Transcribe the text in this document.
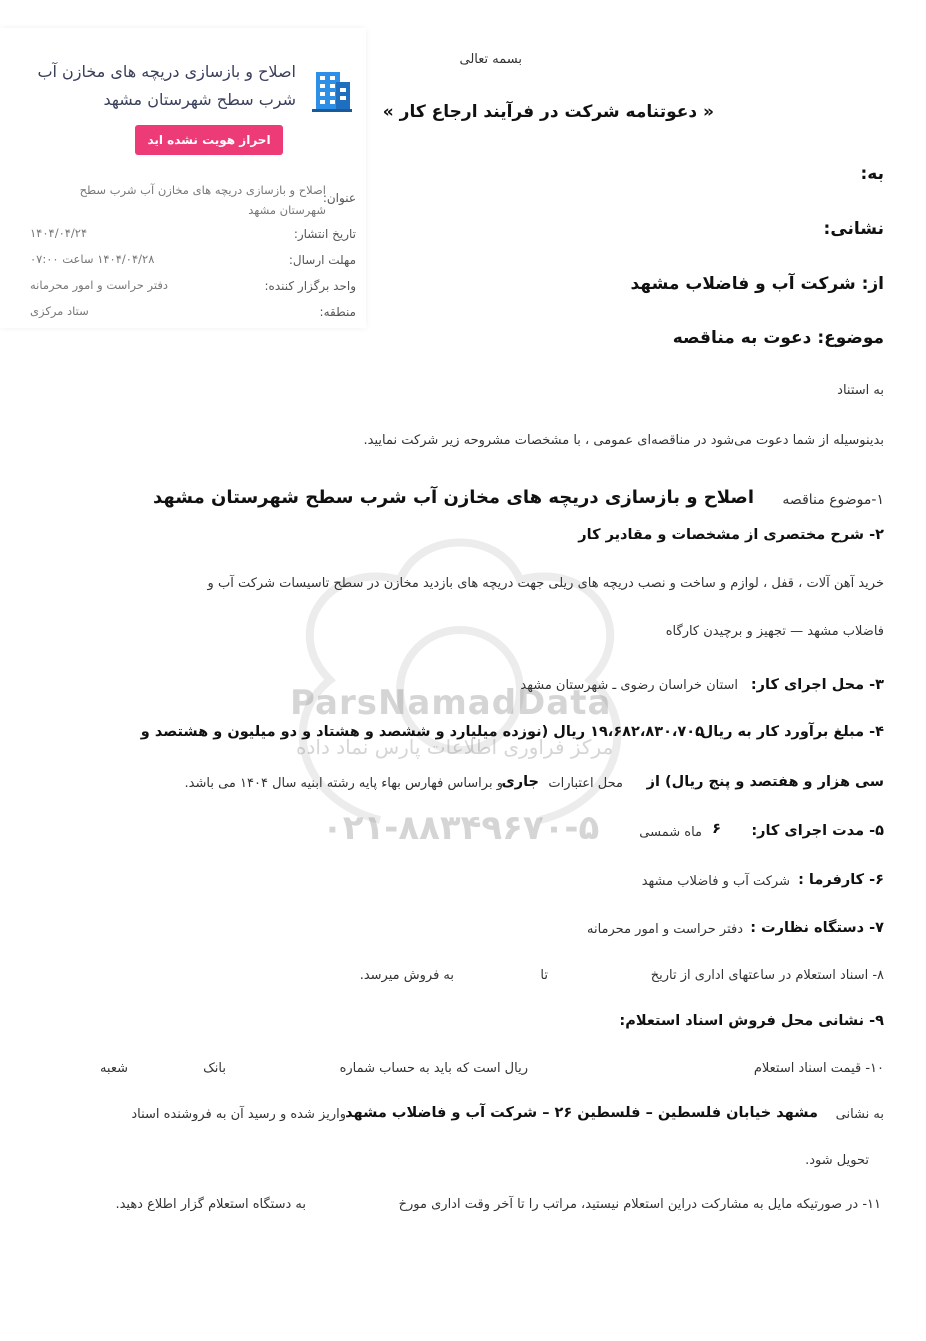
ParsNamadData
مرکز فراوری اطلاعات پارس نماد داده
۰۲۱-۸۸۳۴۹۶۷۰-۵
اصلاح و بازسازی دریچه های مخازن آب شرب سطح شهرستان مشهد
احراز هویت نشده اید
عنوان:
اصلاح و بازسازی دریچه های مخازن آب شرب سطح شهرستان مشهد
تاریخ انتشار:
۱۴۰۴/۰۴/۲۴
مهلت ارسال:
۱۴۰۴/۰۴/۲۸ ساعت ۰۷:۰۰
واحد برگزار کننده:
دفتر حراست و امور محرمانه
منطقه:
ستاد مرکزی
بسمه تعالی
« دعوتنامه شرکت در فرآیند ارجاع کار »
به:
نشانی:
از: شرکت آب و فاضلاب مشهد
موضوع: دعوت به مناقصه
به استناد
بدینوسیله از شما دعوت می‌شود در مناقصه‌ای عمومی ، با مشخصات مشروحه زیر شرکت نمایید.
۱-موضوع مناقصه
اصلاح و بازسازی دریچه های مخازن آب شرب سطح شهرستان مشهد
۲- شرح مختصری از مشخصات و مقادیر کار
خرید آهن آلات ، قفل ، لوازم و ساخت و نصب دریچه های ریلی جهت دریچه های بازدید مخازن در سطح تاسیسات شرکت آب و
فاضلاب مشهد — تجهیز و برچیدن کارگاه
۳- محل اجرای کار:
استان خراسان رضوی ـ شهرستان مشهد
۴- مبلغ برآورد کار به ریال:
۱۹،۶۸۲،۸۳۰،۷۰۵ ریال (نوزده میلیارد و ششصد و هشتاد و دو میلیون و هشتصد و
سی هزار و هفتصد و پنج ریال) از
محل اعتبارات
جاری
و براساس فهارس بهاء پایه رشته ابنیه سال ۱۴۰۴ می باشد.
۵- مدت اجرای کار:
۶
ماه شمسی
۶- کارفرما :
شرکت آب و فاضلاب مشهد
۷- دستگاه نظارت :
دفتر حراست و امور محرمانه
۸- اسناد استعلام در ساعتهای اداری از تاریخ
تا
به فروش میرسد.
۹- نشانی محل فروش اسناد استعلام:
۱۰- قیمت اسناد استعلام
ریال است که باید به حساب شماره
بانک
شعبه
به نشانی
مشهد خیابان فلسطین – فلسطین ۲۶ – شرکت آب و فاضلاب مشهد
واریز شده و رسید آن به فروشنده اسناد
تحویل شود.
۱۱- در صورتیکه مایل به مشارکت دراین استعلام نیستید، مراتب را تا آخر وقت اداری مورخ
به دستگاه استعلام گزار اطلاع دهید.
